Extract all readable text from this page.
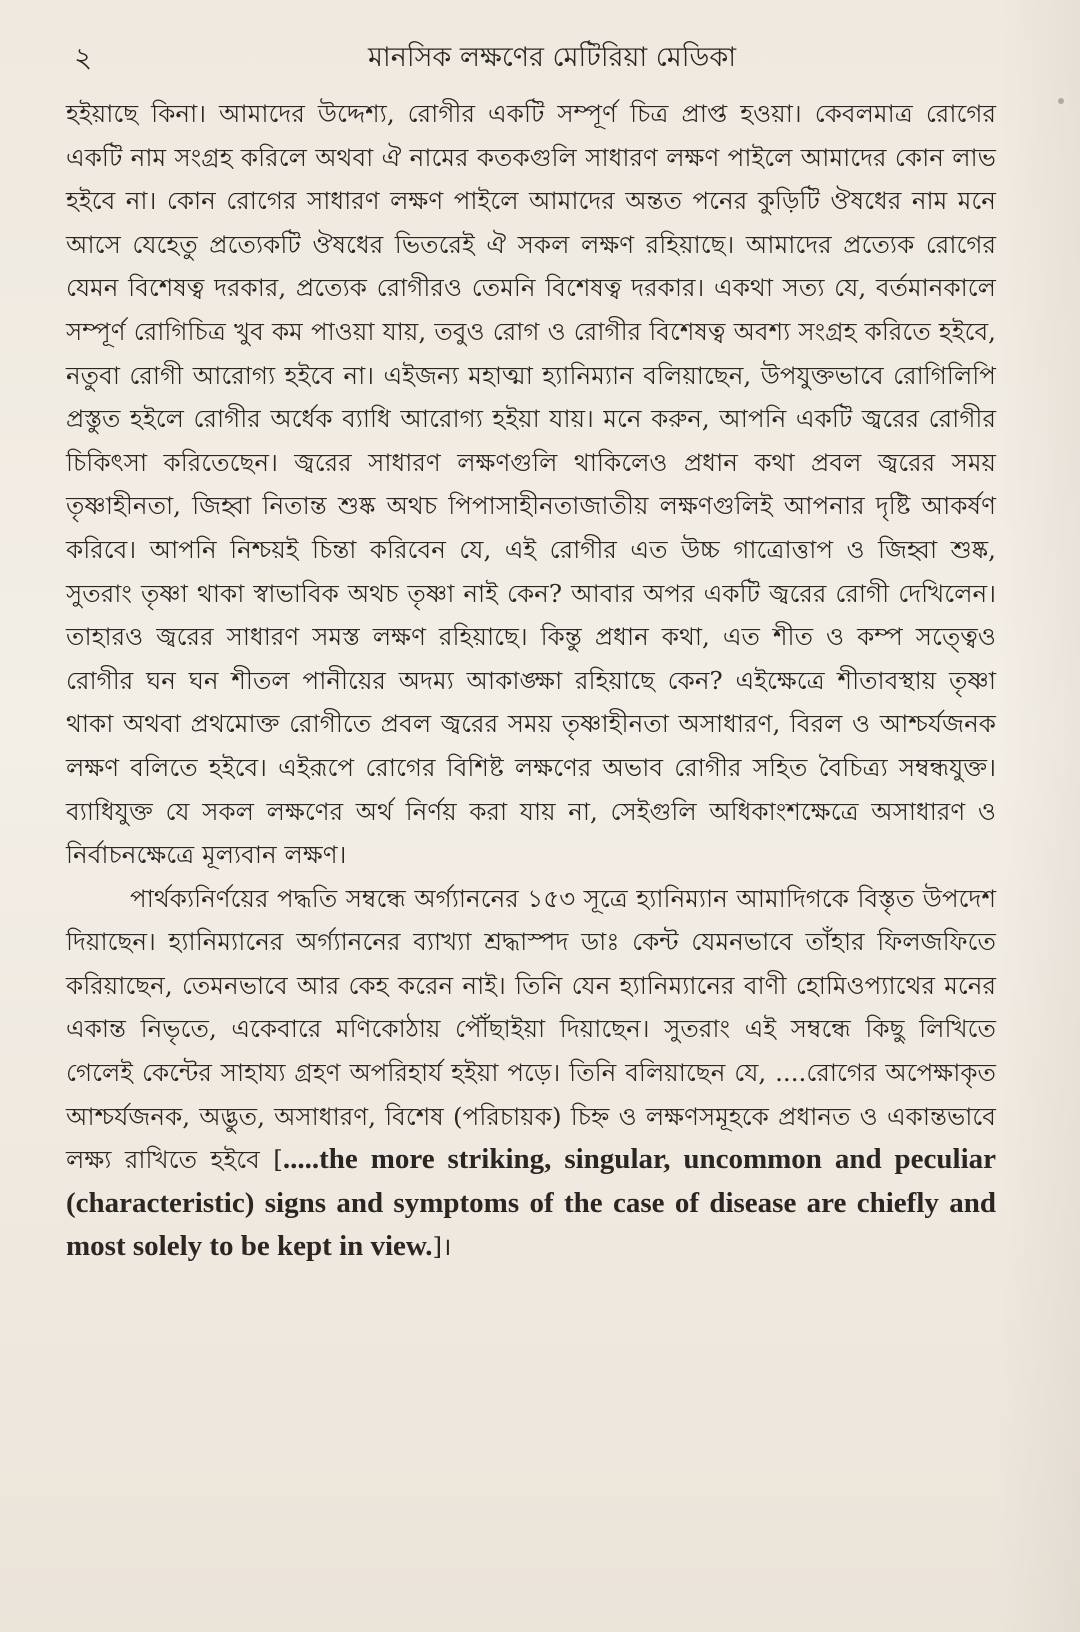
২	মানসিক লক্ষণের মেটিরিয়া মেডিকা

হইয়াছে কিনা। আমাদের উদ্দেশ্য, রোগীর একটি সম্পূর্ণ চিত্র প্রাপ্ত হওয়া। কেবলমাত্র রোগের একটি নাম সংগ্রহ করিলে অথবা ঐ নামের কতকগুলি সাধারণ লক্ষণ পাইলে আমাদের কোন লাভ হইবে না। কোন রোগের সাধারণ লক্ষণ পাইলে আমাদের অন্তত পনের কুড়িটি ঔষধের নাম মনে আসে যেহেতু প্রত্যেকটি ঔষধের ভিতরেই ঐ সকল লক্ষণ রহিয়াছে। আমাদের প্রত্যেক রোগের যেমন বিশেষত্ব দরকার, প্রত্যেক রোগীরও তেমনি বিশেষত্ব দরকার। একথা সত্য যে, বর্তমানকালে সম্পূর্ণ রোগিচিত্র খুব কম পাওয়া যায়, তবুও রোগ ও রোগীর বিশেষত্ব অবশ্য সংগ্রহ করিতে হইবে, নতুবা রোগী আরোগ্য হইবে না। এইজন্য মহাত্মা হ্যানিম্যান বলিয়াছেন, উপযুক্তভাবে রোগিলিপি প্রস্তুত হইলে রোগীর অর্ধেক ব্যাধি আরোগ্য হইয়া যায়। মনে করুন, আপনি একটি জ্বরের রোগীর চিকিৎসা করিতেছেন। জ্বরের সাধারণ লক্ষণগুলি থাকিলেও প্রধান কথা প্রবল জ্বরের সময় তৃষ্ণাহীনতা, জিহ্বা নিতান্ত শুষ্ক অথচ পিপাসাহীনতাজাতীয় লক্ষণগুলিই আপনার দৃষ্টি আকর্ষণ করিবে। আপনি নিশ্চয়ই চিন্তা করিবেন যে, এই রোগীর এত উচ্চ গাত্রোত্তাপ ও জিহ্বা শুষ্ক, সুতরাং তৃষ্ণা থাকা স্বাভাবিক অথচ তৃষ্ণা নাই কেন? আবার অপর একটি জ্বরের রোগী দেখিলেন। তাহারও জ্বরের সাধারণ সমস্ত লক্ষণ রহিয়াছে। কিন্তু প্রধান কথা, এত শীত ও কম্প সত্ত্বেও রোগীর ঘন ঘন শীতল পানীয়ের অদম্য আকাঙ্ক্ষা রহিয়াছে কেন? এইক্ষেত্রে শীতাবস্থায় তৃষ্ণা থাকা অথবা প্রথমোক্ত রোগীতে প্রবল জ্বরের সময় তৃষ্ণাহীনতা অসাধারণ, বিরল ও আশ্চর্যজনক লক্ষণ বলিতে হইবে। এইরূপে রোগের বিশিষ্ট লক্ষণের অভাব রোগীর সহিত বৈচিত্র্য সম্বন্ধযুক্ত। ব্যাধিযুক্ত যে সকল লক্ষণের অর্থ নির্ণয় করা যায় না, সেইগুলি অধিকাংশক্ষেত্রে অসাধারণ ও নির্বাচনক্ষেত্রে মূল্যবান লক্ষণ।

পার্থক্যনির্ণয়ের পদ্ধতি সম্বন্ধে অর্গ্যাননের ১৫৩ সূত্রে হ্যানিম্যান আমাদিগকে বিস্তৃত উপদেশ দিয়াছেন। হ্যানিম্যানের অর্গ্যাননের ব্যাখ্যা শ্রদ্ধাস্পদ ডাঃ কেন্ট যেমনভাবে তাঁহার ফিলজফিতে করিয়াছেন, তেমনভাবে আর কেহ করেন নাই। তিনি যেন হ্যানিম্যানের বাণী হোমিওপ্যাথের মনের একান্ত নিভৃতে, একেবারে মণিকোঠায় পৌঁছাইয়া দিয়াছেন। সুতরাং এই সম্বন্ধে কিছু লিখিতে গেলেই কেন্টের সাহায্য গ্রহণ অপরিহার্য হইয়া পড়ে। তিনি বলিয়াছেন যে, ....রোগের অপেক্ষাকৃত আশ্চর্যজনক, অদ্ভুত, অসাধারণ, বিশেষ (পরিচায়ক) চিহ্ন ও লক্ষণসমূহকে প্রধানত ও একান্তভাবে লক্ষ্য রাখিতে হইবে [.....the more striking, singular, uncommon and peculiar (characteristic) signs and symptoms of the case of disease are chiefly and most solely to be kept in view.]।
